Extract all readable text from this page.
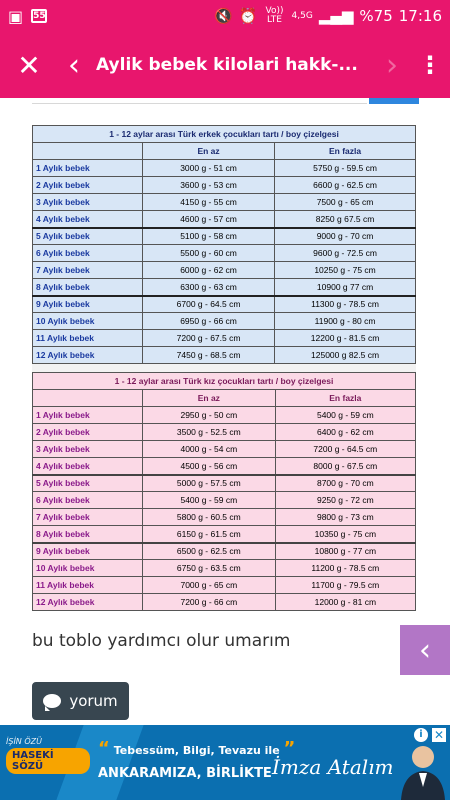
▣ 55	🔇 ⏰ Vo)) LTE	4,5G ▂▄▆ %75 17:16
✕ ‹ Aylik bebek kilolari hakk-... › ⋮
1 - 12 aylar arası Türk erkek çocukları tartı / boy çizelgesi		
	En az	En fazla
1 Aylık bebek	3000 g - 51 cm	5750 g - 59.5 cm
2 Aylık bebek	3600 g - 53 cm	6600 g - 62.5 cm
3 Aylık bebek	4150 g - 55 cm	7500 g - 65 cm
4 Aylık bebek	4600 g - 57 cm	8250 g 67.5 cm
5 Aylık bebek	5100 g - 58 cm	9000 g - 70 cm
6 Aylık bebek	5500 g - 60 cm	9600 g - 72.5 cm
7 Aylık bebek	6000 g - 62 cm	10250 g - 75 cm
8 Aylık bebek	6300 g - 63 cm	10900 g 77 cm
9 Aylık bebek	6700 g - 64.5 cm	11300 g - 78.5 cm
10 Aylık bebek	6950 g - 66 cm	11900 g - 80 cm
11 Aylık bebek	7200 g - 67.5 cm	12200 g - 81.5 cm
12 Aylık bebek	7450 g - 68.5 cm	125000 g 82.5 cm
1 - 12 aylar arası Türk kız çocukları tartı / boy çizelgesi		
	En az	En fazla
1 Aylık bebek	2950 g - 50 cm	5400 g - 59 cm
2 Aylık bebek	3500 g - 52.5 cm	6400 g - 62 cm
3 Aylık bebek	4000 g - 54 cm	7200 g - 64.5 cm
4 Aylık bebek	4500 g - 56 cm	8000 g - 67.5 cm
5 Aylık bebek	5000 g - 57.5 cm	8700 g - 70 cm
6 Aylık bebek	5400 g - 59 cm	9250 g - 72 cm
7 Aylık bebek	5800 g - 60.5 cm	9800 g - 73 cm
8 Aylık bebek	6150 g - 61.5 cm	10350 g - 75 cm
9 Aylık bebek	6500 g - 62.5 cm	10800 g - 77 cm
10 Aylık bebek	6750 g - 63.5 cm	11200 g - 78.5 cm
11 Aylık bebek	7000 g - 65 cm	11700 g - 79.5 cm
12 Aylık bebek	7200 g - 66 cm	12000 g - 81 cm
bu toblo yardımcı olur umarım	‹
yorum
İŞİN ÖZÜ
HASEKİ SÖZÜ
“ Tebessüm, Bilgi, Tevazu ile ”
ANKARAMIZA, BİRLİKTE İmza Atalım
i ✕
